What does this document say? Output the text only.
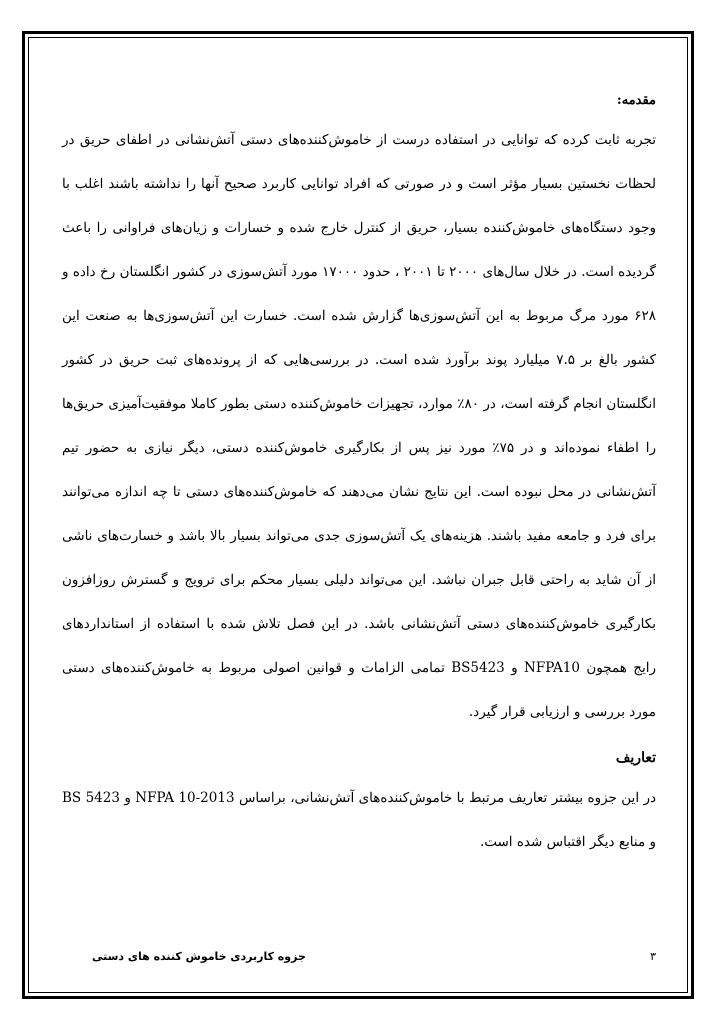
مقدمه:

تجربه ثابت کرده که توانایی در استفاده درست از خاموش‌کننده‌های دستی آتش‌نشانی در اطفای حریق در لحظات نخستین بسیار مؤثر است و در صورتی که افراد توانایی کاربرد صحیح آنها را نداشته باشند اغلب با وجود دستگاه‌های خاموش‌کننده بسیار، حریق از کنترل خارج شده و خسارات و زیان‌های فراوانی را باعث گردیده است. در خلال سال‌های ۲۰۰۰ تا ۲۰۰۱ ، حدود ۱۷۰۰۰ مورد آتش‌سوزی در کشور انگلستان رخ داده و ۶۲۸ مورد مرگ مربوط به این آتش‌سوزی‌ها گزارش شده است. خسارت این آتش‌سوزی‌ها به صنعت این کشور بالغ بر ۷.۵ میلیارد پوند برآورد شده است. در بررسی‌هایی که از پرونده‌های ثبت حریق در کشور انگلستان انجام گرفته است، در ۸۰٪ موارد، تجهیزات خاموش‌کننده دستی بطور کاملا موفقیت‌آمیزی حریق‌ها را اطفاء نموده‌اند و در ۷۵٪ مورد نیز پس از بکارگیری خاموش‌کننده دستی، دیگر نیازی به حضور تیم آتش‌نشانی در محل نبوده است. این نتایج نشان می‌دهند که خاموش‌کننده‌های دستی تا چه اندازه می‌توانند برای فرد و جامعه مفید باشند. هزینه‌های یک آتش‌سوزی جدی می‌تواند بسیار بالا باشد و خسارت‌های ناشی از آن شاید به راحتی قابل جبران نباشد. این می‌تواند دلیلی بسیار محکم برای ترویج و گسترش روزافزون بکارگیری خاموش‌کننده‌های دستی آتش‌نشانی باشد. در این فصل تلاش شده با استفاده از استانداردهای رایج همچون NFPA10 و BS5423 تمامی الزامات و قوانین اصولی مربوط به خاموش‌کننده‌های دستی مورد بررسی و ارزیابی قرار گیرد.

تعاریف

در این جزوه بیشتر تعاریف مرتبط با خاموش‌کننده‌های آتش‌نشانی، براساس NFPA 10-2013 و BS 5423 و منابع دیگر اقتباس شده است.

۳
جزوه کاربردی خاموش کننده های دستی
